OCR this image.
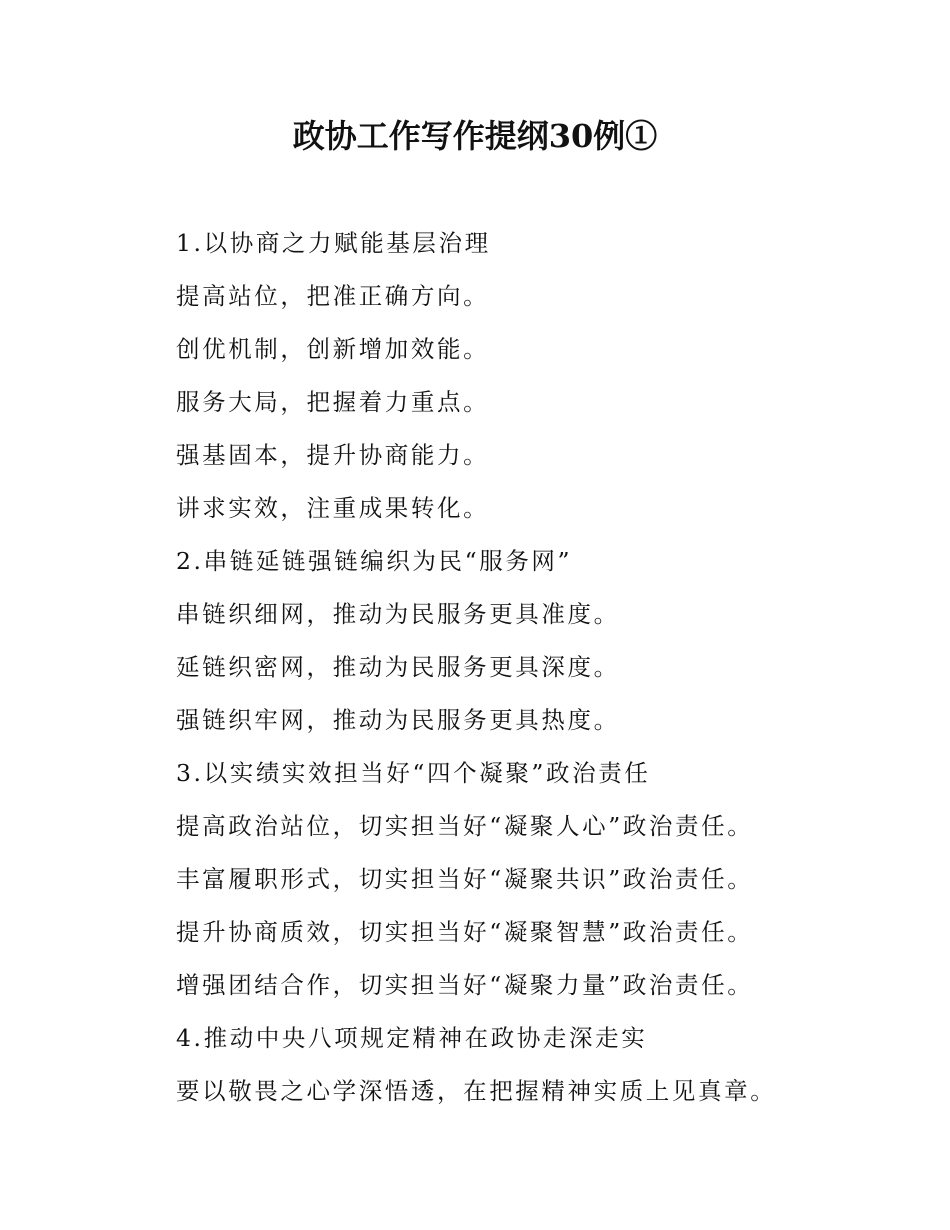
政协工作写作提纲30例①
1.以协商之力赋能基层治理
提高站位，把准正确方向。
创优机制，创新增加效能。
服务大局，把握着力重点。
强基固本，提升协商能力。
讲求实效，注重成果转化。
2.串链延链强链编织为民“服务网”
串链织细网，推动为民服务更具准度。
延链织密网，推动为民服务更具深度。
强链织牢网，推动为民服务更具热度。
3.以实绩实效担当好“四个凝聚”政治责任
提高政治站位，切实担当好“凝聚人心”政治责任。
丰富履职形式，切实担当好“凝聚共识”政治责任。
提升协商质效，切实担当好“凝聚智慧”政治责任。
增强团结合作，切实担当好“凝聚力量”政治责任。
4.推动中央八项规定精神在政协走深走实
要以敬畏之心学深悟透，在把握精神实质上见真章。
